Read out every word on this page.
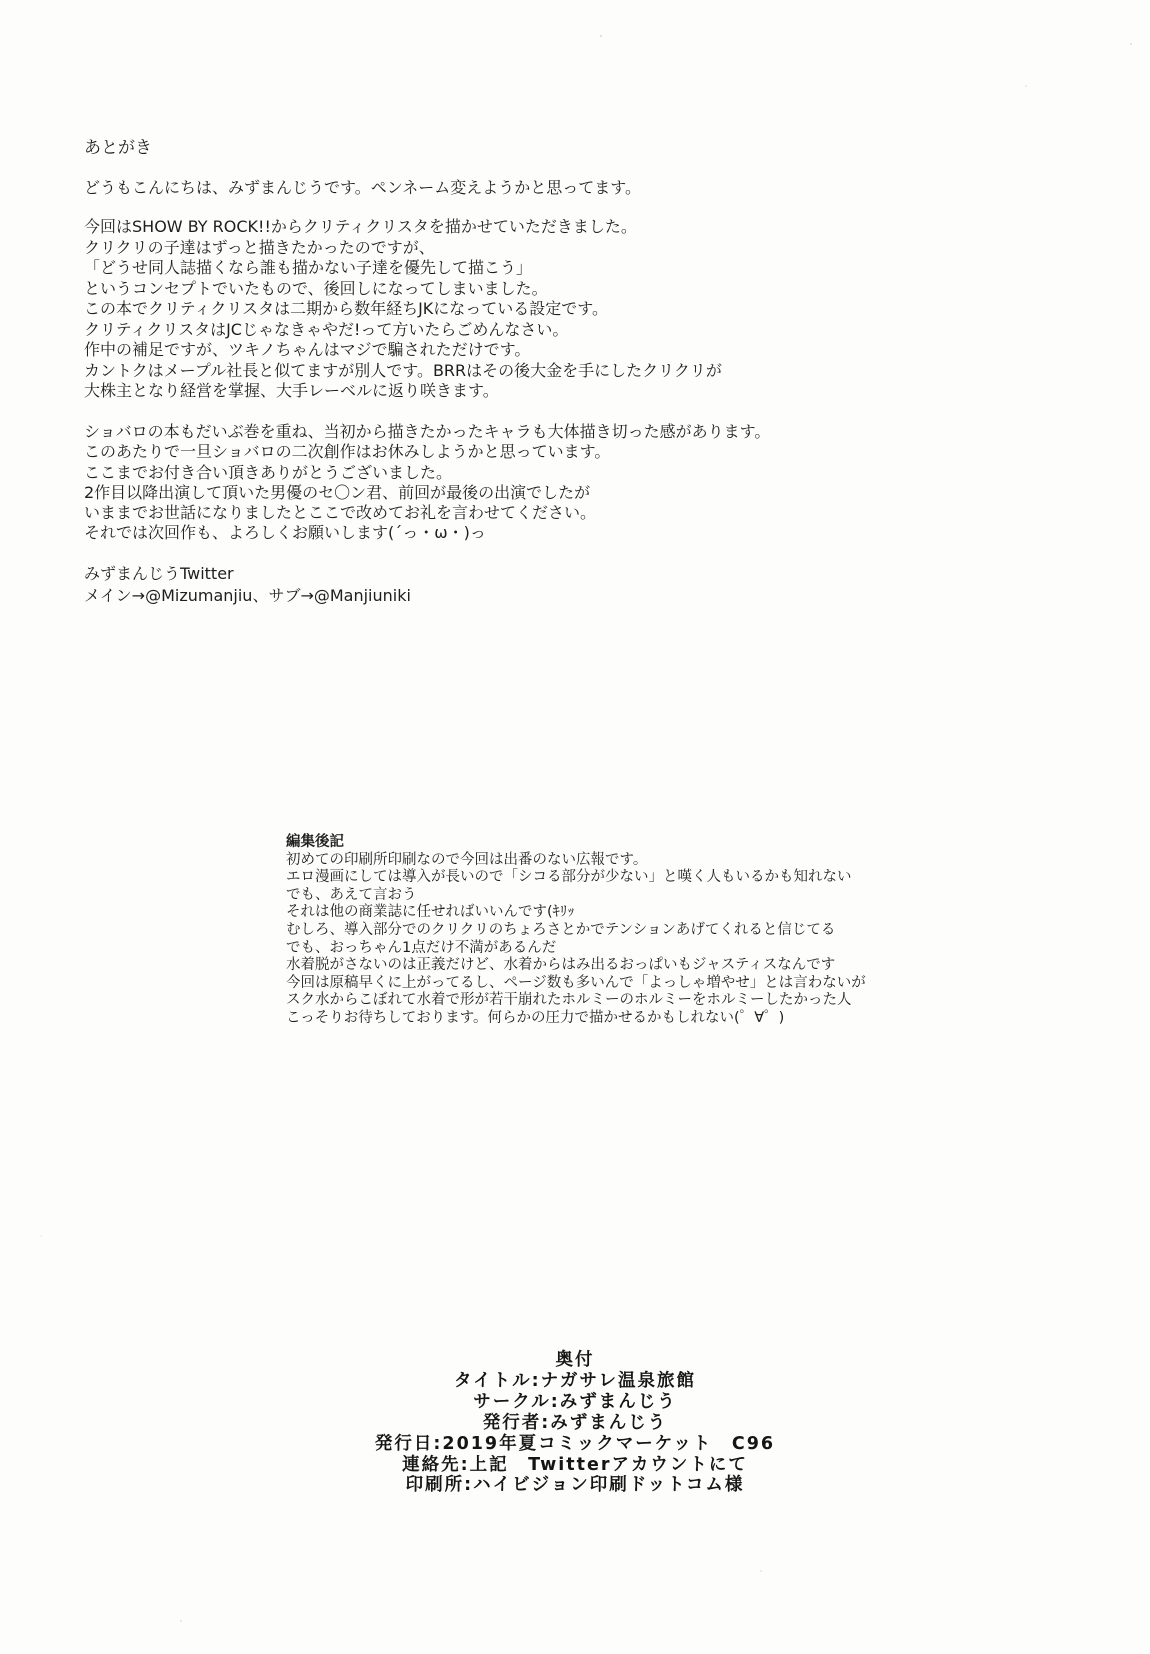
あとがき
どうもこんにちは、みずまんじうです。ペンネーム変えようかと思ってます。
今回はSHOW BY ROCK!!からクリティクリスタを描かせていただきました。
クリクリの子達はずっと描きたかったのですが、
「どうせ同人誌描くなら誰も描かない子達を優先して描こう」
というコンセプトでいたもので、後回しになってしまいました。
この本でクリティクリスタは二期から数年経ちJKになっている設定です。
クリティクリスタはJCじゃなきゃやだ!って方いたらごめんなさい。
作中の補足ですが、ツキノちゃんはマジで騙されただけです。
カントクはメープル社長と似てますが別人です。BRRはその後大金を手にしたクリクリが
大株主となり経営を掌握、大手レーベルに返り咲きます。
ショバロの本もだいぶ巻を重ね、当初から描きたかったキャラも大体描き切った感があります。
このあたりで一旦ショバロの二次創作はお休みしようかと思っています。
ここまでお付き合い頂きありがとうございました。
2作目以降出演して頂いた男優のセ〇ン君、前回が最後の出演でしたが
いままでお世話になりましたとここで改めてお礼を言わせてください。
それでは次回作も、よろしくお願いします(´っ・ω・)っ
みずまんじうTwitter
メイン→@Mizumanjiu、サブ→@Manjiuniki
編集後記
初めての印刷所印刷なので今回は出番のない広報です。
エロ漫画にしては導入が長いので「シコる部分が少ない」と嘆く人もいるかも知れない
でも、あえて言おう
それは他の商業誌に任せればいいんです(ｷﾘｯ
むしろ、導入部分でのクリクリのちょろさとかでテンションあげてくれると信じてる
でも、おっちゃん1点だけ不満があるんだ
水着脱がさないのは正義だけど、水着からはみ出るおっぱいもジャスティスなんです
今回は原稿早くに上がってるし、ページ数も多いんで「よっしゃ増やせ」とは言わないが
スク水からこぼれて水着で形が若干崩れたホルミーのホルミーをホルミーしたかった人
こっそりお待ちしております。何らかの圧力で描かせるかもしれない(゜∀゜)
奥付
タイトル:ナガサレ温泉旅館
サークル:みずまんじう
発行者:みずまんじう
発行日:2019年夏コミックマーケット　C96
連絡先:上記　Twitterアカウントにて
印刷所:ハイビジョン印刷ドットコム様
